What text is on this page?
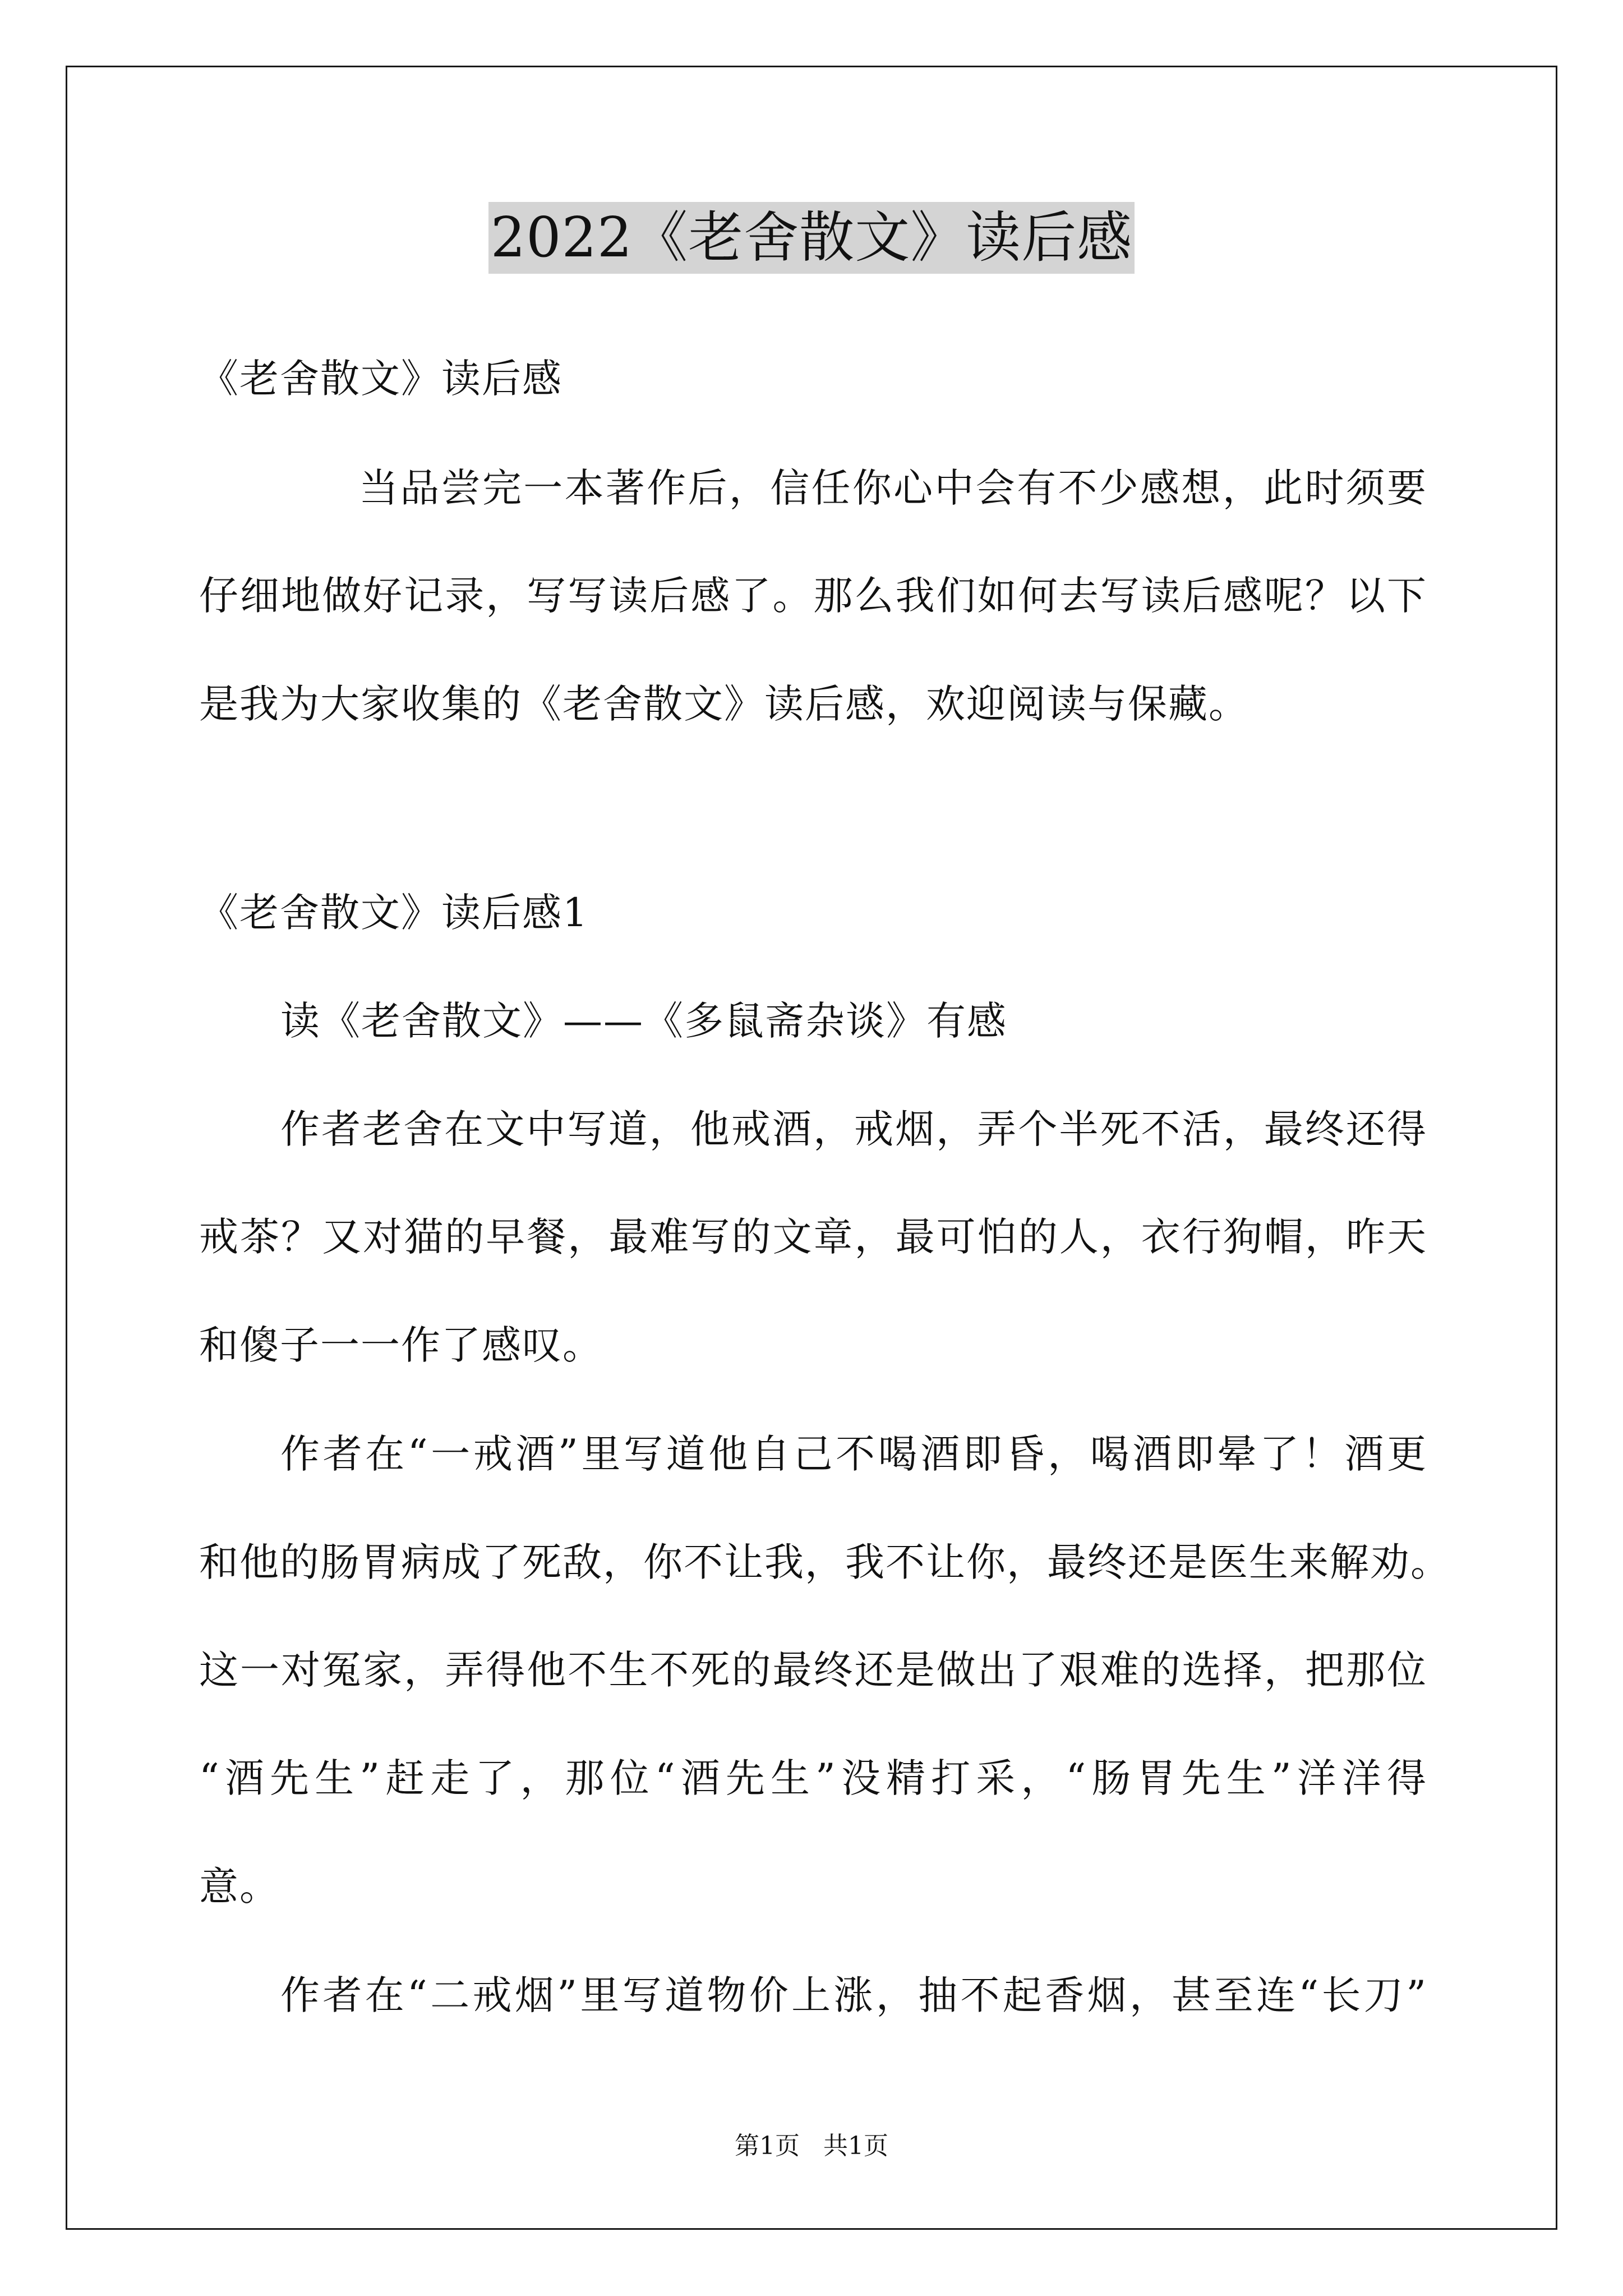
2022《老舍散文》读后感
《老舍散文》读后感
当品尝完一本著作后，信任你心中会有不少感想，此时须要
仔细地做好记录，写写读后感了。那么我们如何去写读后感呢？以下
是我为大家收集的《老舍散文》读后感，欢迎阅读与保藏。
《老舍散文》读后感1
读《老舍散文》——《多鼠斋杂谈》有感
作者老舍在文中写道，他戒酒，戒烟，弄个半死不活，最终还得
戒茶？又对猫的早餐，最难写的文章，最可怕的人，衣行狗帽，昨天
和傻子一一作了感叹。
作者在“一戒酒”里写道他自己不喝酒即昏，喝酒即晕了！酒更
和他的肠胃病成了死敌，你不让我，我不让你，最终还是医生来解劝。
这一对冤家，弄得他不生不死的最终还是做出了艰难的选择，把那位
“酒先生”赶走了，那位“酒先生”没精打采，“肠胃先生”洋洋得
意。
作者在“二戒烟”里写道物价上涨，抽不起香烟，甚至连“长刀”
第1页 共1页
